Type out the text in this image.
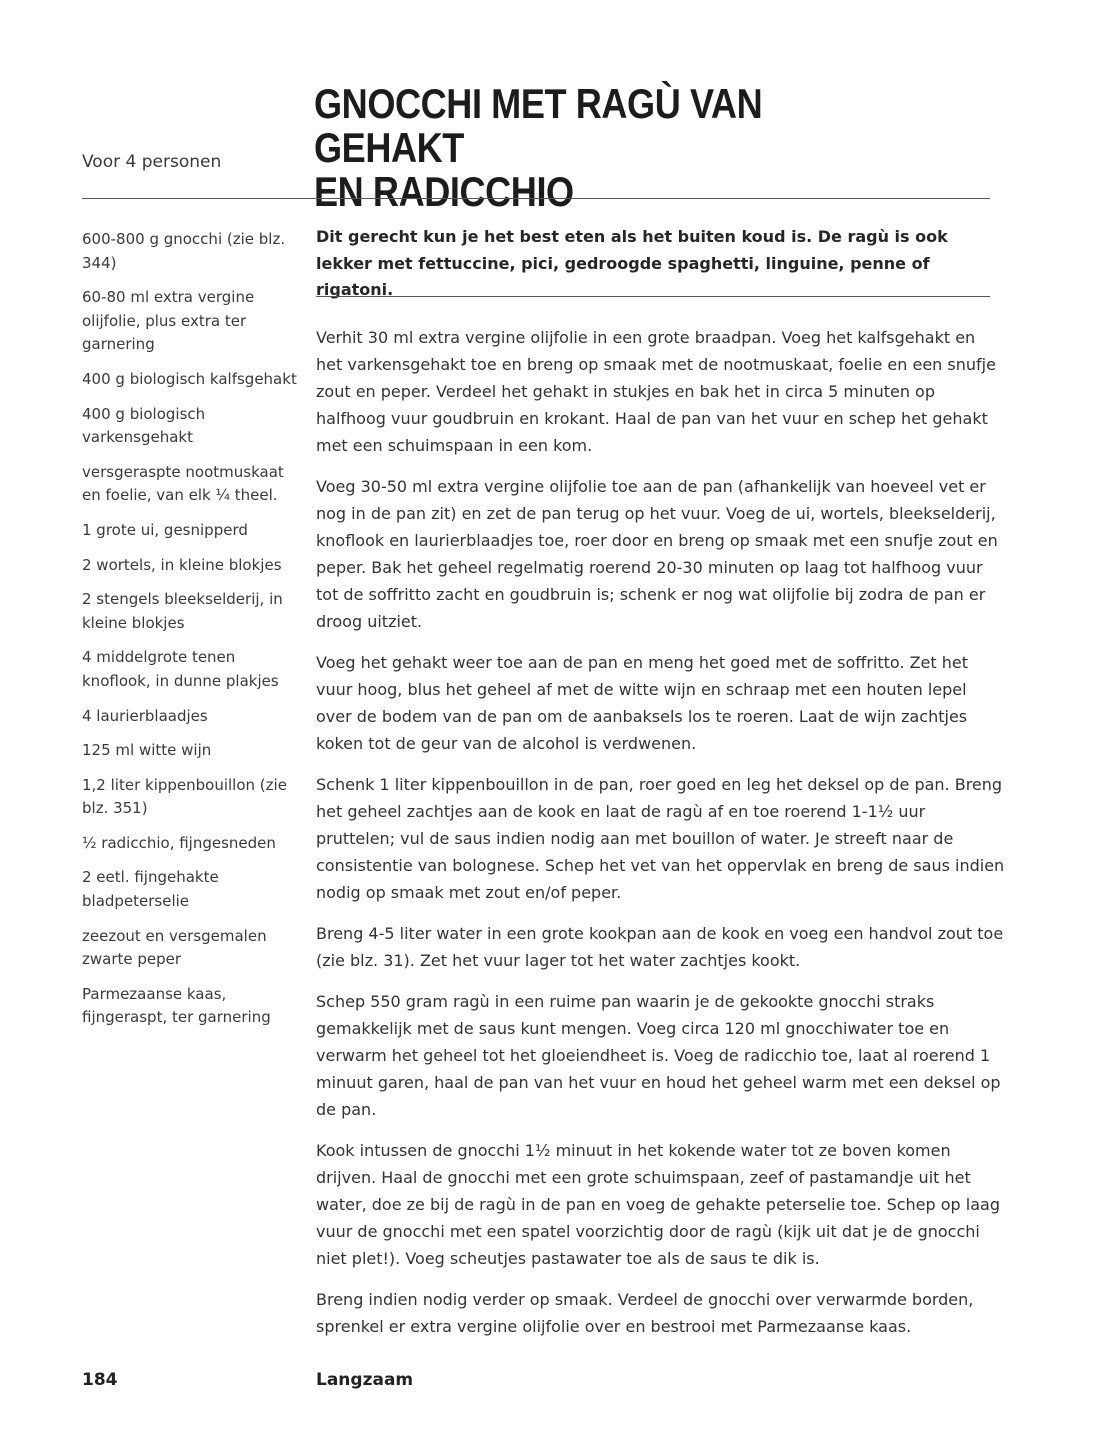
Voor 4 personen
GNOCCHI MET RAGÙ VAN GEHAKT
EN RADICCHIO
600-800 g gnocchi (zie blz. 344)
60-80 ml extra vergine olijfolie, plus extra ter garnering
400 g biologisch kalfsgehakt
400 g biologisch varkensgehakt
versgeraspte nootmuskaat en foelie, van elk ¼ theel.
1 grote ui, gesnipperd
2 wortels, in kleine blokjes
2 stengels bleekselderij, in kleine blokjes
4 middelgrote tenen knoflook, in dunne plakjes
4 laurierblaadjes
125 ml witte wijn
1,2 liter kippenbouillon (zie blz. 351)
½ radicchio, fijngesneden
2 eetl. fijngehakte bladpeterselie
zeezout en versgemalen zwarte peper
Parmezaanse kaas, fijngeraspt, ter garnering

Dit gerecht kun je het best eten als het buiten koud is. De ragù is ook lekker met fettuccine, pici, gedroogde spaghetti, linguine, penne of rigatoni.

Verhit 30 ml extra vergine olijfolie in een grote braadpan. Voeg het kalfsgehakt en het varkensgehakt toe en breng op smaak met de nootmuskaat, foelie en een snufje zout en peper. Verdeel het gehakt in stukjes en bak het in circa 5 minuten op halfhoog vuur goudbruin en krokant. Haal de pan van het vuur en schep het gehakt met een schuimspaan in een kom.

Voeg 30-50 ml extra vergine olijfolie toe aan de pan (afhankelijk van hoeveel vet er nog in de pan zit) en zet de pan terug op het vuur. Voeg de ui, wortels, bleekselderij, knoflook en laurierblaadjes toe, roer door en breng op smaak met een snufje zout en peper. Bak het geheel regelmatig roerend 20-30 minuten op laag tot halfhoog vuur tot de soffritto zacht en goudbruin is; schenk er nog wat olijfolie bij zodra de pan er droog uitziet.

Voeg het gehakt weer toe aan de pan en meng het goed met de soffritto. Zet het vuur hoog, blus het geheel af met de witte wijn en schraap met een houten lepel over de bodem van de pan om de aanbaksels los te roeren. Laat de wijn zachtjes koken tot de geur van de alcohol is verdwenen.

Schenk 1 liter kippenbouillon in de pan, roer goed en leg het deksel op de pan. Breng het geheel zachtjes aan de kook en laat de ragù af en toe roerend 1-1½ uur pruttelen; vul de saus indien nodig aan met bouillon of water. Je streeft naar de consistentie van bolognese. Schep het vet van het oppervlak en breng de saus indien nodig op smaak met zout en/of peper.

Breng 4-5 liter water in een grote kookpan aan de kook en voeg een handvol zout toe (zie blz. 31). Zet het vuur lager tot het water zachtjes kookt.

Schep 550 gram ragù in een ruime pan waarin je de gekookte gnocchi straks gemakkelijk met de saus kunt mengen. Voeg circa 120 ml gnocchiwater toe en verwarm het geheel tot het gloeiendheet is. Voeg de radicchio toe, laat al roerend 1 minuut garen, haal de pan van het vuur en houd het geheel warm met een deksel op de pan.

Kook intussen de gnocchi 1½ minuut in het kokende water tot ze boven komen drijven. Haal de gnocchi met een grote schuimspaan, zeef of pastamandje uit het water, doe ze bij de ragù in de pan en voeg de gehakte peterselie toe. Schep op laag vuur de gnocchi met een spatel voorzichtig door de ragù (kijk uit dat je de gnocchi niet plet!). Voeg scheutjes pastawater toe als de saus te dik is.

Breng indien nodig verder op smaak. Verdeel de gnocchi over verwarmde borden, sprenkel er extra vergine olijfolie over en bestrooi met Parmezaanse kaas.

184	Langzaam
